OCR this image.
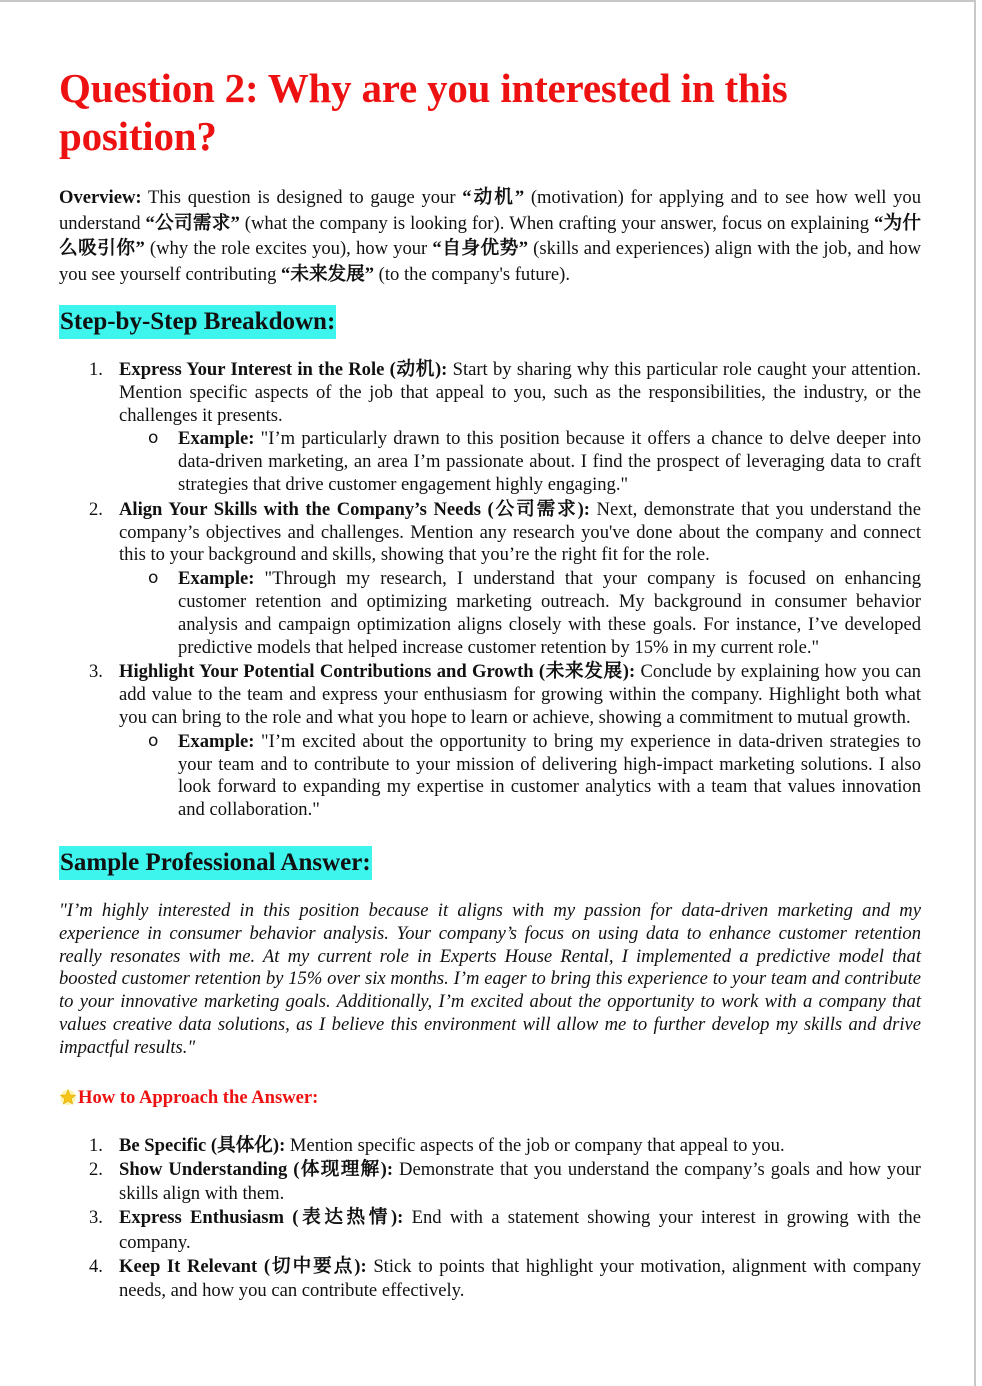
Question 2: Why are you interested in this position?

Overview: This question is designed to gauge your “动机” (motivation) for applying and to see how well you understand “公司需求” (what the company is looking for). When crafting your answer, focus on explaining “为什么吸引你” (why the role excites you), how your “自身优势” (skills and experiences) align with the job, and how you see yourself contributing “未来发展” (to the company's future).

Step-by-Step Breakdown:
1. Express Your Interest in the Role (动机): Start by sharing why this particular role caught your attention. Mention specific aspects of the job that appeal to you, such as the responsibilities, the industry, or the challenges it presents.
o Example: "I’m particularly drawn to this position because it offers a chance to delve deeper into data-driven marketing, an area I’m passionate about. I find the prospect of leveraging data to craft strategies that drive customer engagement highly engaging."
2. Align Your Skills with the Company’s Needs (公司需求): Next, demonstrate that you understand the company’s objectives and challenges. Mention any research you've done about the company and connect this to your background and skills, showing that you’re the right fit for the role.
o Example: "Through my research, I understand that your company is focused on enhancing customer retention and optimizing marketing outreach. My background in consumer behavior analysis and campaign optimization aligns closely with these goals. For instance, I’ve developed predictive models that helped increase customer retention by 15% in my current role."
3. Highlight Your Potential Contributions and Growth (未来发展): Conclude by explaining how you can add value to the team and express your enthusiasm for growing within the company. Highlight both what you can bring to the role and what you hope to learn or achieve, showing a commitment to mutual growth.
o Example: "I’m excited about the opportunity to bring my experience in data-driven strategies to your team and to contribute to your mission of delivering high-impact marketing solutions. I also look forward to expanding my expertise in customer analytics with a team that values innovation and collaboration."
Sample Professional Answer:

"I’m highly interested in this position because it aligns with my passion for data-driven marketing and my experience in consumer behavior analysis. Your company’s focus on using data to enhance customer retention really resonates with me. At my current role in Experts House Rental, I implemented a predictive model that boosted customer retention by 15% over six months. I’m eager to bring this experience to your team and contribute to your innovative marketing goals. Additionally, I’m excited about the opportunity to work with a company that values creative data solutions, as I believe this environment will allow me to further develop my skills and drive impactful results."

How to Approach the Answer:
1. Be Specific (具体化): Mention specific aspects of the job or company that appeal to you.
2. Show Understanding (体现理解): Demonstrate that you understand the company’s goals and how your skills align with them.
3. Express Enthusiasm (表达热情): End with a statement showing your interest in growing with the company.
4. Keep It Relevant (切中要点): Stick to points that highlight your motivation, alignment with company needs, and how you can contribute effectively.
